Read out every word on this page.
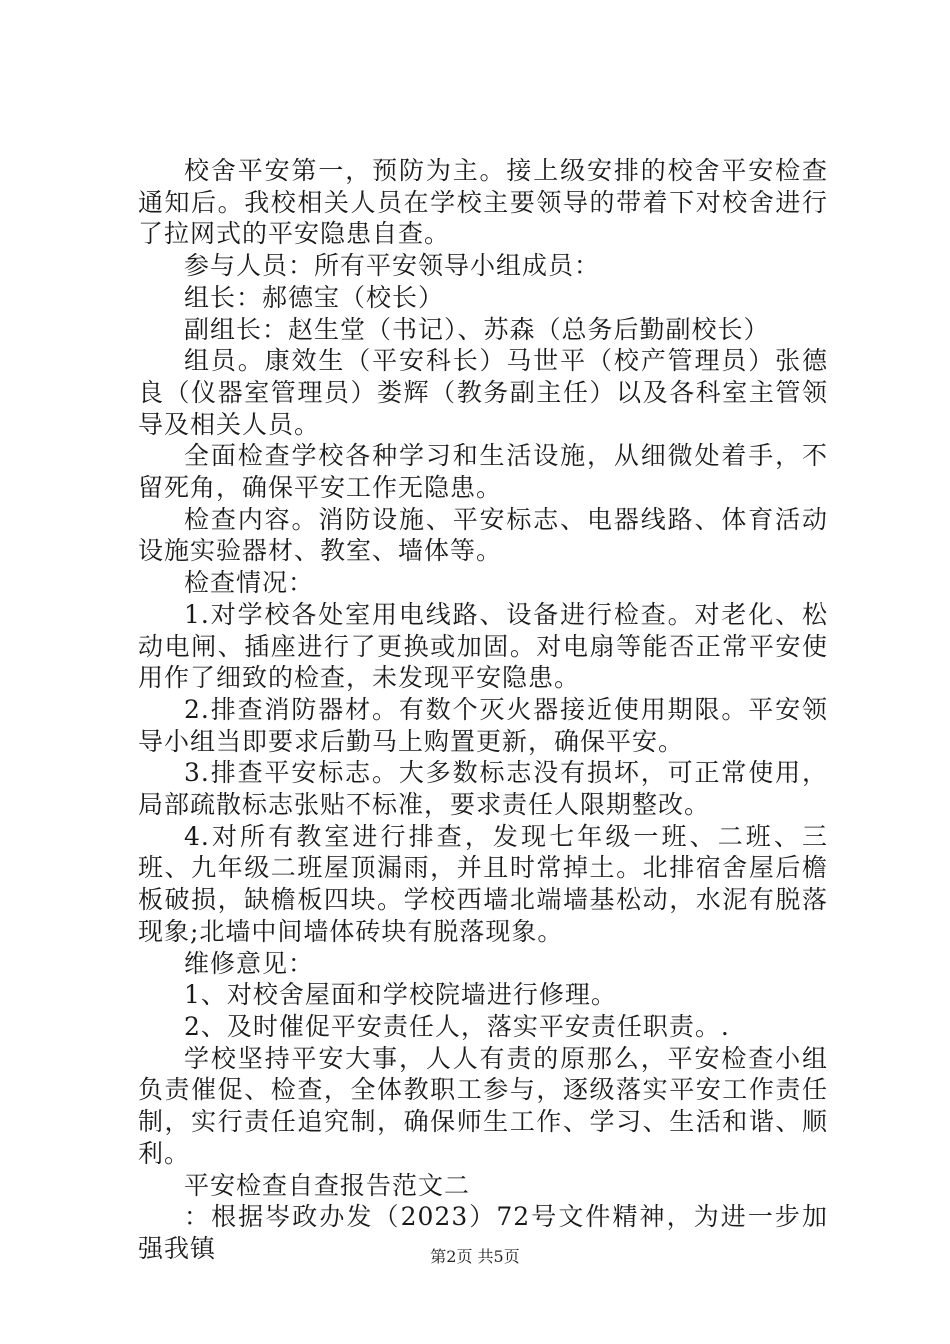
校舍平安第一，预防为主。接上级安排的校舍平安检查通知后。我校相关人员在学校主要领导的带着下对校舍进行了拉网式的平安隐患自查。

参与人员：所有平安领导小组成员：

组长：郝德宝（校长）

副组长：赵生堂（书记）、苏森（总务后勤副校长）

组员。康效生（平安科长）马世平（校产管理员）张德良（仪器室管理员）娄辉（教务副主任）以及各科室主管领导及相关人员。

全面检查学校各种学习和生活设施，从细微处着手，不留死角，确保平安工作无隐患。

检查内容。消防设施、平安标志、电器线路、体育活动设施实验器材、教室、墙体等。

检查情况：

1.对学校各处室用电线路、设备进行检查。对老化、松动电闸、插座进行了更换或加固。对电扇等能否正常平安使用作了细致的检查，未发现平安隐患。

2.排查消防器材。有数个灭火器接近使用期限。平安领导小组当即要求后勤马上购置更新，确保平安。

3.排查平安标志。大多数标志没有损坏，可正常使用，局部疏散标志张贴不标准，要求责任人限期整改。

4.对所有教室进行排查，发现七年级一班、二班、三班、九年级二班屋顶漏雨，并且时常掉土。北排宿舍屋后檐板破损，缺檐板四块。学校西墙北端墙基松动，水泥有脱落现象;北墙中间墙体砖块有脱落现象。

维修意见：

1、对校舍屋面和学校院墙进行修理。

2、及时催促平安责任人，落实平安责任职责。.

学校坚持平安大事，人人有责的原那么，平安检查小组负责催促、检查，全体教职工参与，逐级落实平安工作责任制，实行责任追究制，确保师生工作、学习、生活和谐、顺利。

平安检查自查报告范文二

：根据岑政办发（2023）72号文件精神，为进一步加强我镇	第2页 共5页
